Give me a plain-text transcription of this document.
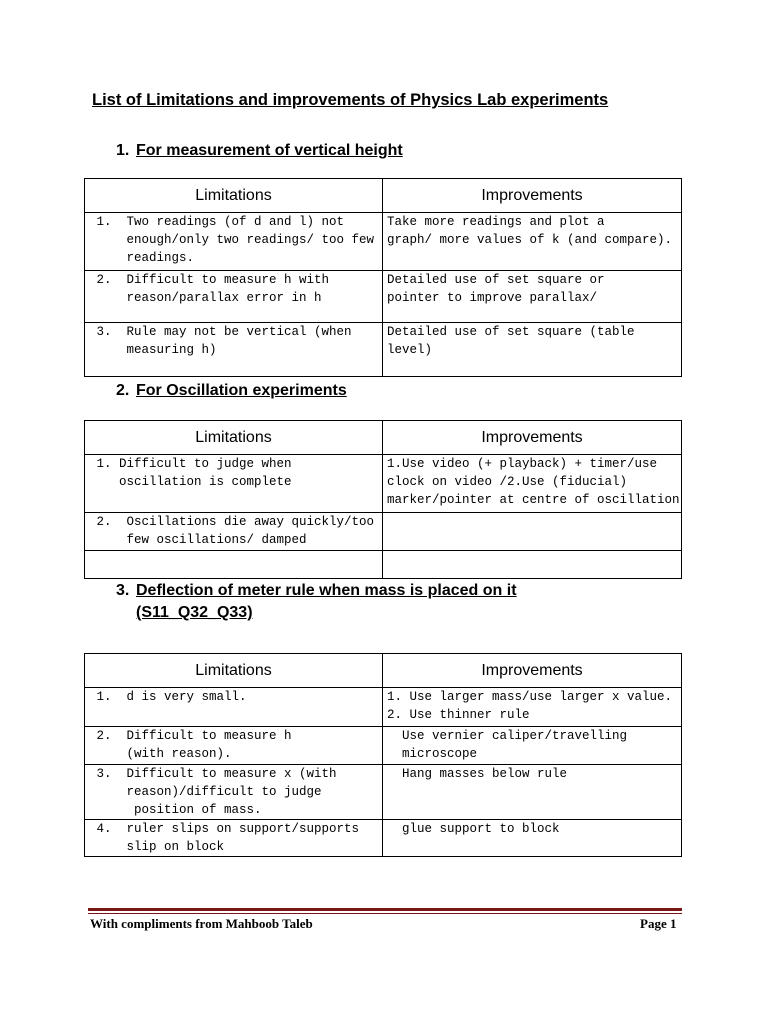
List of Limitations and improvements of Physics Lab experiments
1. For measurement of vertical height
Limitations	Improvements

1.  Two readings (of d and l) not
enough/only two readings/ too few
readings.	Take more readings and plot a
graph/ more values of k (and compare).

2.  Difficult to measure h with
reason/parallax error in h	Detailed use of set square or
pointer to improve parallax/

3.  Rule may not be vertical (when
measuring h)	Detailed use of set square (table
level)
2. For Oscillation experiments
Limitations	Improvements

1. Difficult to judge when
oscillation is complete	1.Use video (+ playback) + timer/use
clock on video /2.Use (fiducial)
marker/pointer at centre of oscillation

2.  Oscillations die away quickly/too
few oscillations/ damped	

3. Deflection of meter rule when mass is placed on it
(S11_Q32_Q33)
Limitations	Improvements

1.  d is very small.	1. Use larger mass/use larger x value.
2. Use thinner rule

2.  Difficult to measure h
(with reason).	Use vernier caliper/travelling
microscope

3.  Difficult to measure x (with
reason)/difficult to judge
position of mass.	Hang masses below rule

4.  ruler slips on support/supports
slip on block	glue support to block
With compliments from Mahboob Taleb	Page 1
